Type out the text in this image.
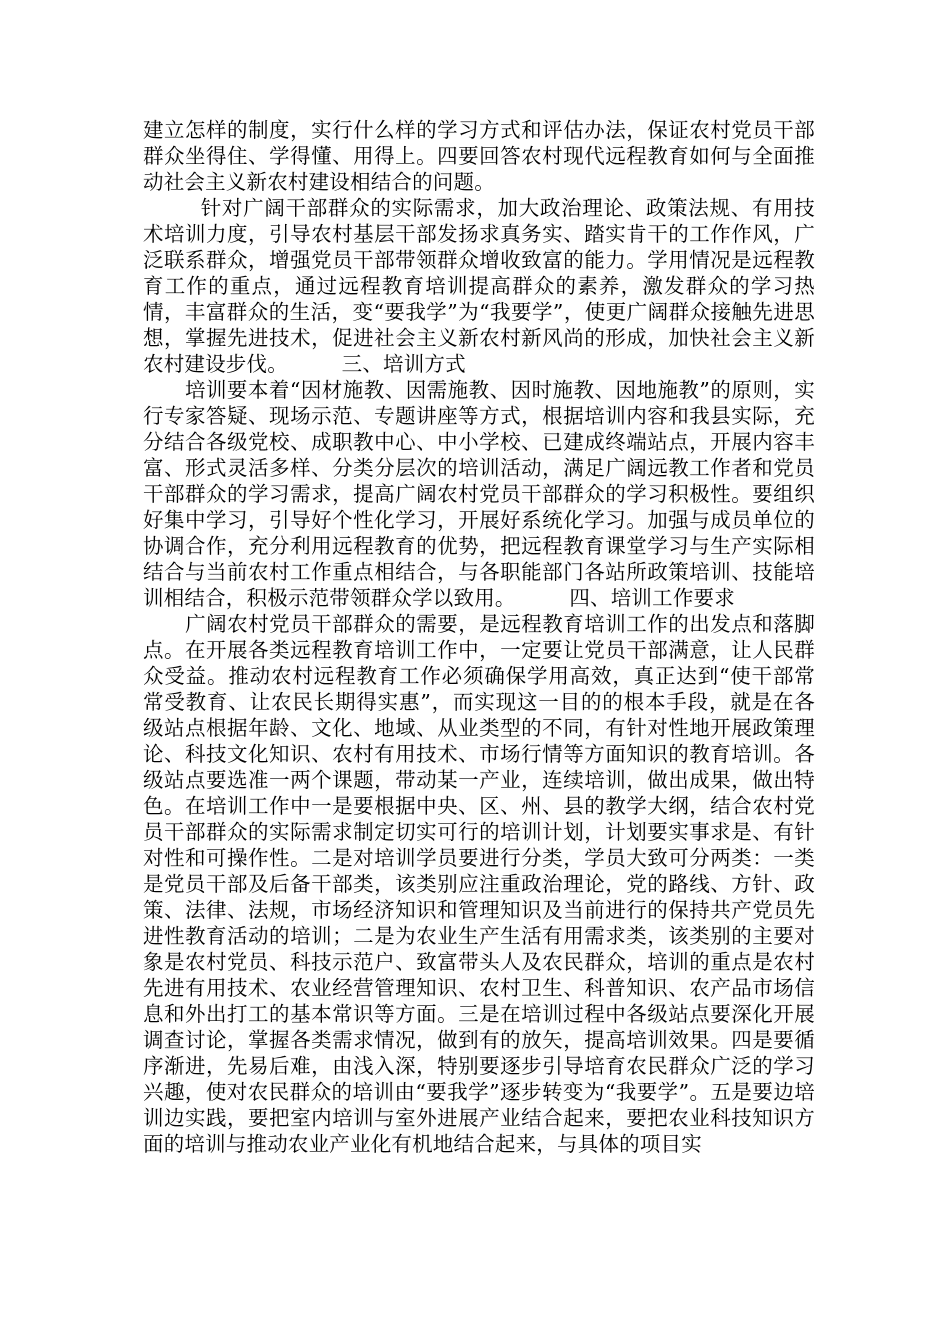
建立怎样的制度，实行什么样的学习方式和评估办法，保证农村党员干部群众坐得住、学得懂、用得上。四要回答农村现代远程教育如何与全面推动社会主义新农村建设相结合的问题。

针对广阔干部群众的实际需求，加大政治理论、政策法规、有用技术培训力度，引导农村基层干部发扬求真务实、踏实肯干的工作作风，广泛联系群众，增强党员干部带领群众增收致富的能力。学用情况是远程教育工作的重点，通过远程教育培训提高群众的素养，激发群众的学习热情，丰富群众的生活，变“要我学”为“我要学”，使更广阔群众接触先进思想，掌握先进技术，促进社会主义新农村新风尚的形成，加快社会主义新农村建设步伐。        三、培训方式

培训要本着“因材施教、因需施教、因时施教、因地施教”的原则，实行专家答疑、现场示范、专题讲座等方式，根据培训内容和我县实际，充分结合各级党校、成职教中心、中小学校、已建成终端站点，开展内容丰富、形式灵活多样、分类分层次的培训活动，满足广阔远教工作者和党员干部群众的学习需求，提高广阔农村党员干部群众的学习积极性。要组织好集中学习，引导好个性化学习，开展好系统化学习。加强与成员单位的协调合作，充分利用远程教育的优势，把远程教育课堂学习与生产实际相结合与当前农村工作重点相结合，与各职能部门各站所政策培训、技能培训相结合，积极示范带领群众学以致用。        四、培训工作要求

广阔农村党员干部群众的需要，是远程教育培训工作的出发点和落脚点。在开展各类远程教育培训工作中，一定要让党员干部满意，让人民群众受益。推动农村远程教育工作必须确保学用高效，真正达到“使干部常常受教育、让农民长期得实惠”，而实现这一目的的根本手段，就是在各级站点根据年龄、文化、地域、从业类型的不同，有针对性地开展政策理论、科技文化知识、农村有用技术、市场行情等方面知识的教育培训。各级站点要选准一两个课题，带动某一产业，连续培训，做出成果，做出特色。在培训工作中一是要根据中央、区、州、县的教学大纲，结合农村党员干部群众的实际需求制定切实可行的培训计划，计划要实事求是、有针对性和可操作性。二是对培训学员要进行分类，学员大致可分两类：一类是党员干部及后备干部类，该类别应注重政治理论，党的路线、方针、政策、法律、法规，市场经济知识和管理知识及当前进行的保持共产党员先进性教育活动的培训；二是为农业生产生活有用需求类，该类别的主要对象是农村党员、科技示范户、致富带头人及农民群众，培训的重点是农村先进有用技术、农业经营管理知识、农村卫生、科普知识、农产品市场信息和外出打工的基本常识等方面。三是在培训过程中各级站点要深化开展调查讨论，掌握各类需求情况，做到有的放矢，提高培训效果。四是要循序渐进，先易后难，由浅入深，特别要逐步引导培育农民群众广泛的学习兴趣，使对农民群众的培训由“要我学”逐步转变为“我要学”。五是要边培训边实践，要把室内培训与室外进展产业结合起来，要把农业科技知识方面的培训与推动农业产业化有机地结合起来，与具体的项目实
